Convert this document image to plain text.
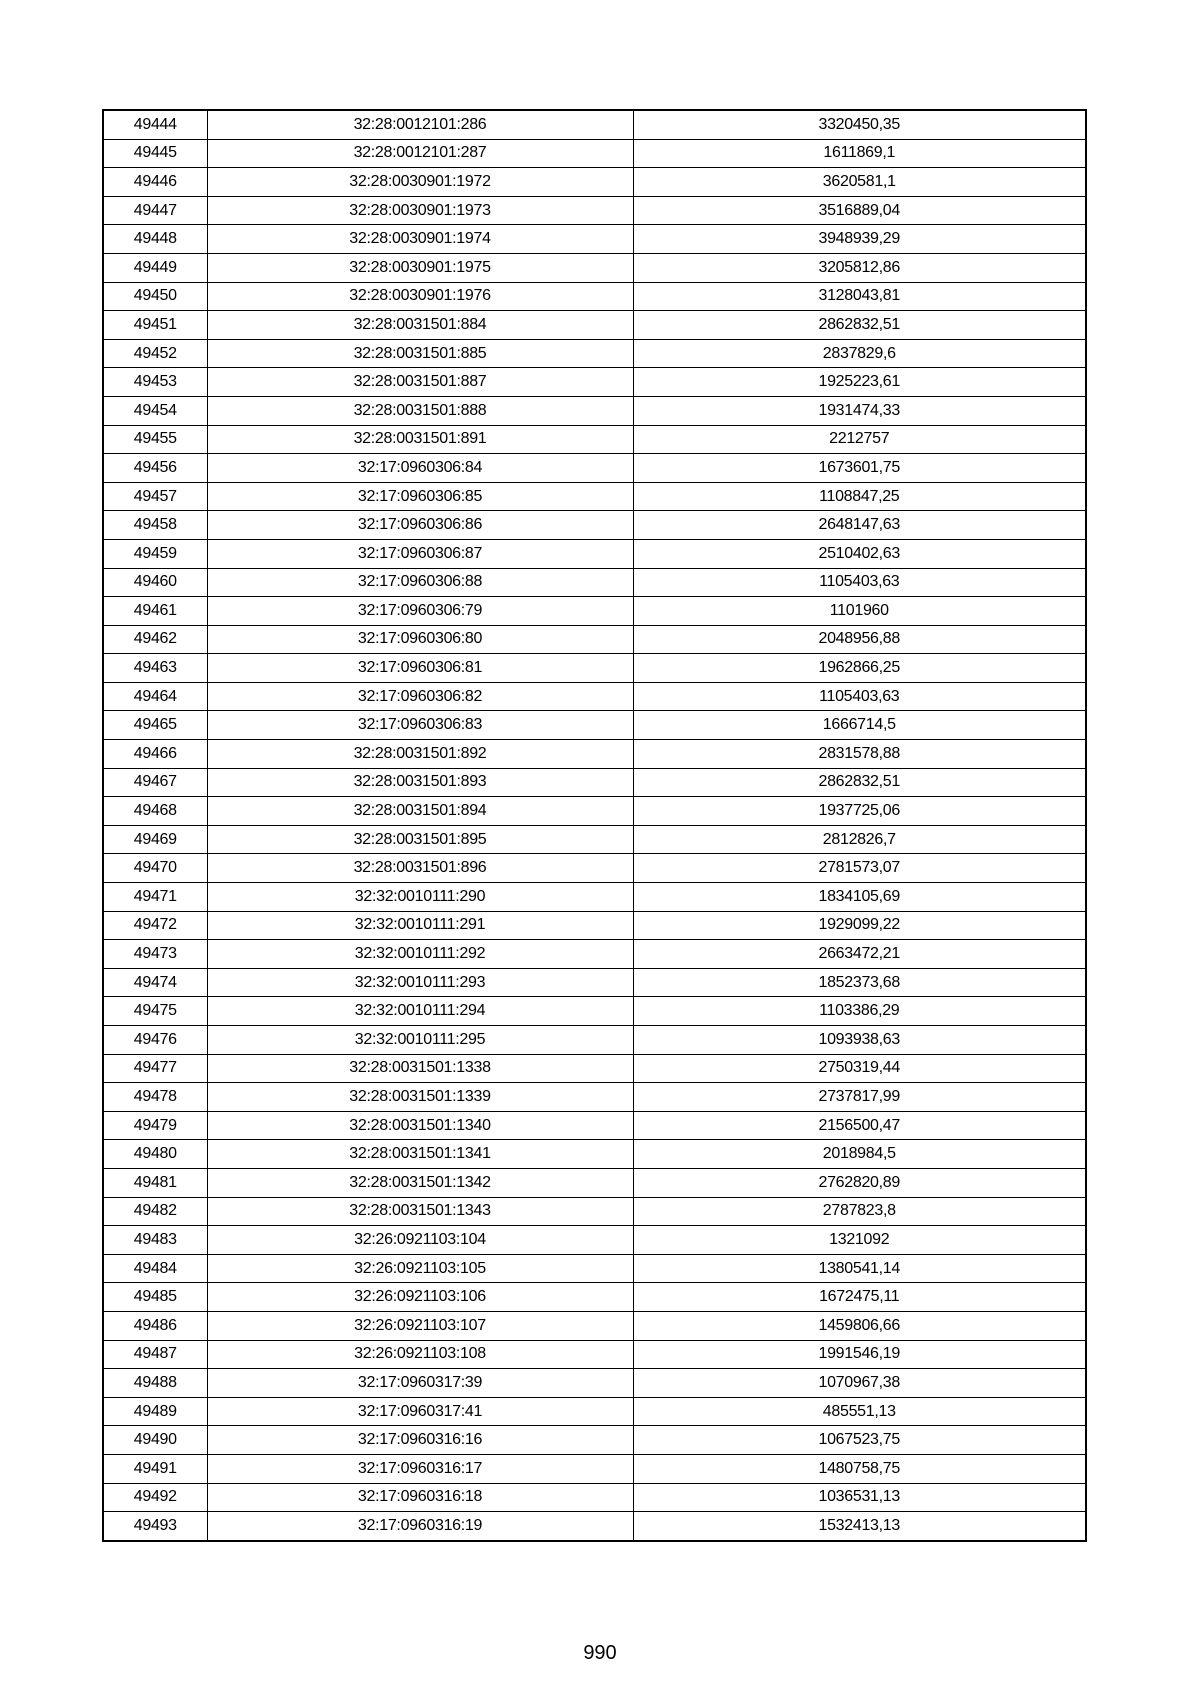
49444	32:28:0012101:286	3320450,35
49445	32:28:0012101:287	1611869,1
49446	32:28:0030901:1972	3620581,1
49447	32:28:0030901:1973	3516889,04
49448	32:28:0030901:1974	3948939,29
49449	32:28:0030901:1975	3205812,86
49450	32:28:0030901:1976	3128043,81
49451	32:28:0031501:884	2862832,51
49452	32:28:0031501:885	2837829,6
49453	32:28:0031501:887	1925223,61
49454	32:28:0031501:888	1931474,33
49455	32:28:0031501:891	2212757
49456	32:17:0960306:84	1673601,75
49457	32:17:0960306:85	1108847,25
49458	32:17:0960306:86	2648147,63
49459	32:17:0960306:87	2510402,63
49460	32:17:0960306:88	1105403,63
49461	32:17:0960306:79	1101960
49462	32:17:0960306:80	2048956,88
49463	32:17:0960306:81	1962866,25
49464	32:17:0960306:82	1105403,63
49465	32:17:0960306:83	1666714,5
49466	32:28:0031501:892	2831578,88
49467	32:28:0031501:893	2862832,51
49468	32:28:0031501:894	1937725,06
49469	32:28:0031501:895	2812826,7
49470	32:28:0031501:896	2781573,07
49471	32:32:0010111:290	1834105,69
49472	32:32:0010111:291	1929099,22
49473	32:32:0010111:292	2663472,21
49474	32:32:0010111:293	1852373,68
49475	32:32:0010111:294	1103386,29
49476	32:32:0010111:295	1093938,63
49477	32:28:0031501:1338	2750319,44
49478	32:28:0031501:1339	2737817,99
49479	32:28:0031501:1340	2156500,47
49480	32:28:0031501:1341	2018984,5
49481	32:28:0031501:1342	2762820,89
49482	32:28:0031501:1343	2787823,8
49483	32:26:0921103:104	1321092
49484	32:26:0921103:105	1380541,14
49485	32:26:0921103:106	1672475,11
49486	32:26:0921103:107	1459806,66
49487	32:26:0921103:108	1991546,19
49488	32:17:0960317:39	1070967,38
49489	32:17:0960317:41	485551,13
49490	32:17:0960316:16	1067523,75
49491	32:17:0960316:17	1480758,75
49492	32:17:0960316:18	1036531,13
49493	32:17:0960316:19	1532413,13
990
